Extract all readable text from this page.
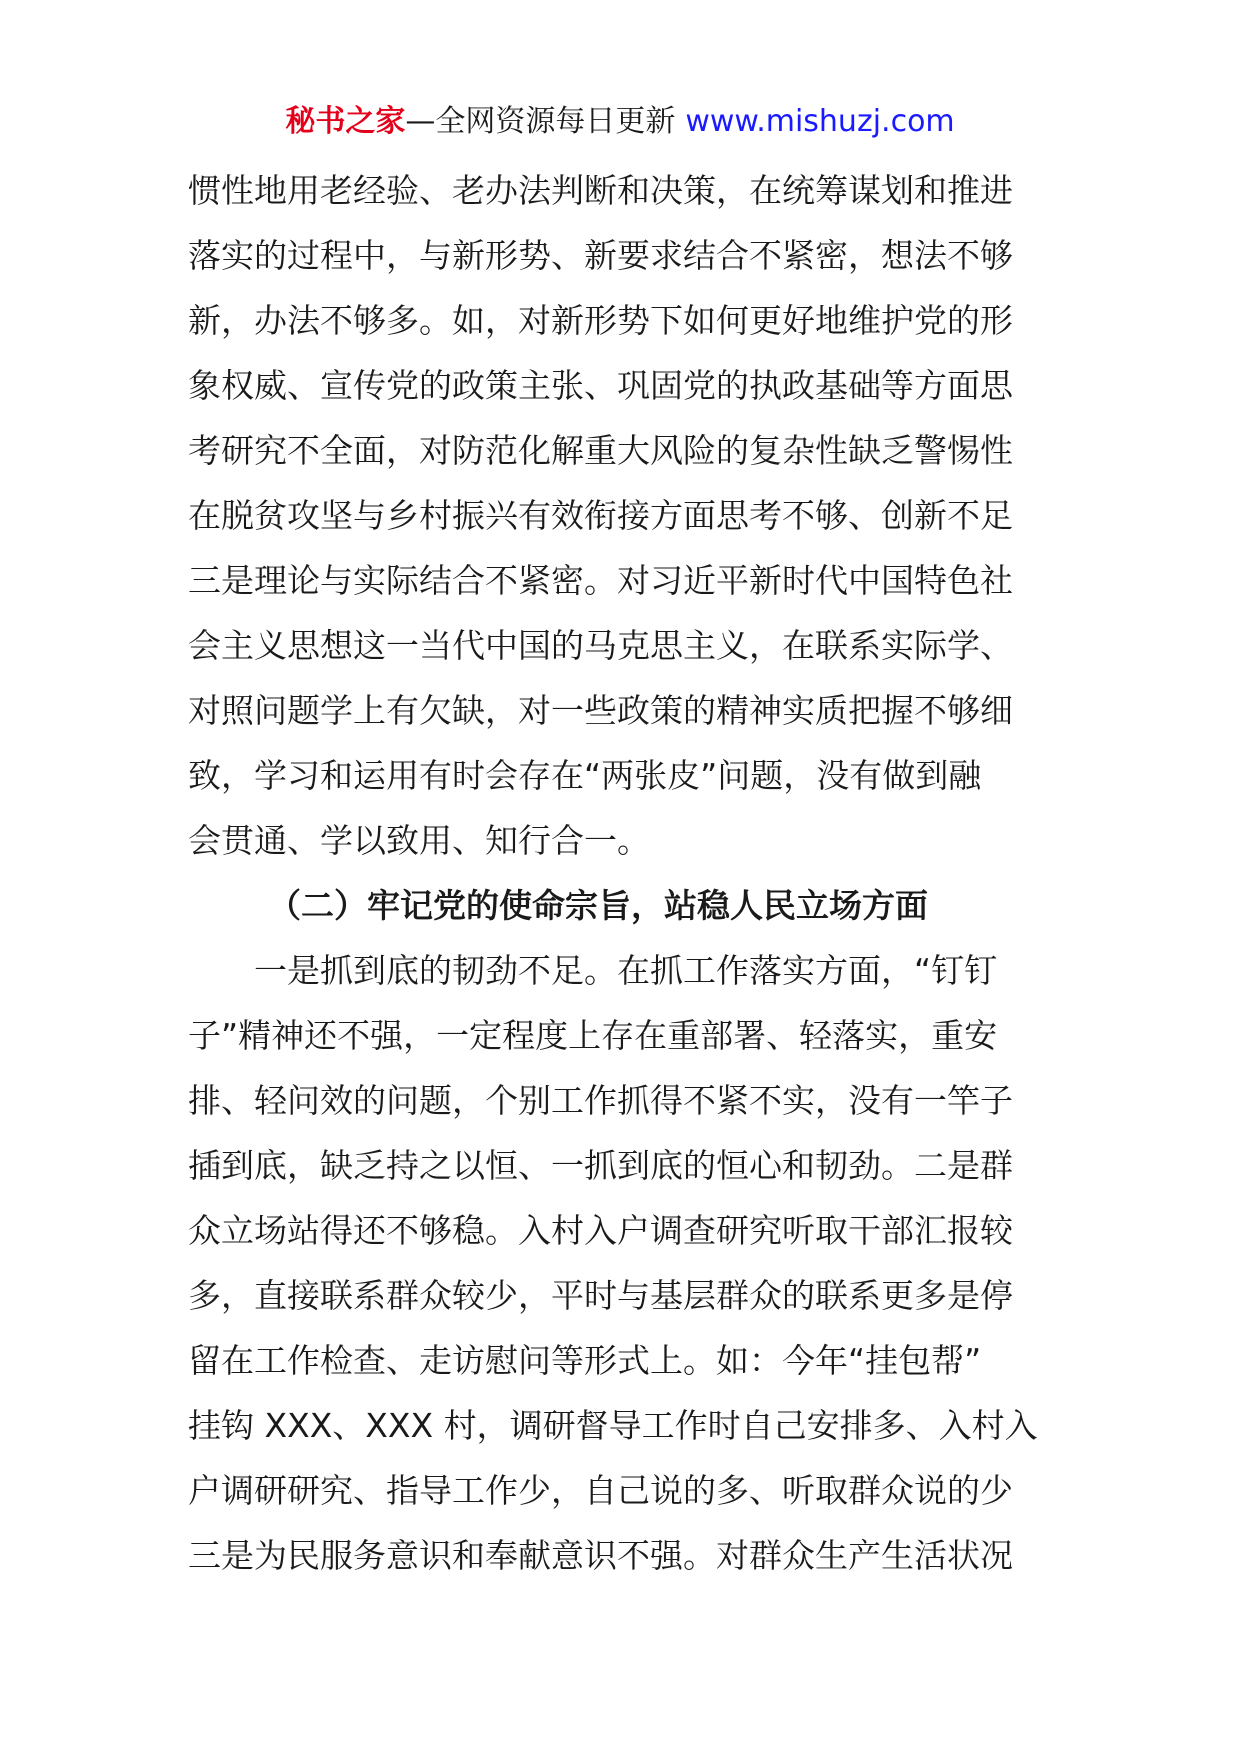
秘书之家—全网资源每日更新 www.mishuzj.com
惯性地用老经验、老办法判断和决策，在统筹谋划和推进
落实的过程中，与新形势、新要求结合不紧密，想法不够
新，办法不够多。如，对新形势下如何更好地维护党的形
象权威、宣传党的政策主张、巩固党的执政基础等方面思
考研究不全面，对防范化解重大风险的复杂性缺乏警惕性
在脱贫攻坚与乡村振兴有效衔接方面思考不够、创新不足
三是理论与实际结合不紧密。对习近平新时代中国特色社
会主义思想这一当代中国的马克思主义，在联系实际学、
对照问题学上有欠缺，对一些政策的精神实质把握不够细
致，学习和运用有时会存在“两张皮”问题，没有做到融
会贯通、学以致用、知行合一。
（二）牢记党的使命宗旨，站稳人民立场方面
一是抓到底的韧劲不足。在抓工作落实方面，“钉钉
子”精神还不强，一定程度上存在重部署、轻落实，重安
排、轻问效的问题，个别工作抓得不紧不实，没有一竿子
插到底，缺乏持之以恒、一抓到底的恒心和韧劲。二是群
众立场站得还不够稳。入村入户调查研究听取干部汇报较
多，直接联系群众较少，平时与基层群众的联系更多是停
留在工作检查、走访慰问等形式上。如：今年“挂包帮”
挂钩 XXX、XXX 村，调研督导工作时自己安排多、入村入
户调研研究、指导工作少，自己说的多、听取群众说的少
三是为民服务意识和奉献意识不强。对群众生产生活状况
